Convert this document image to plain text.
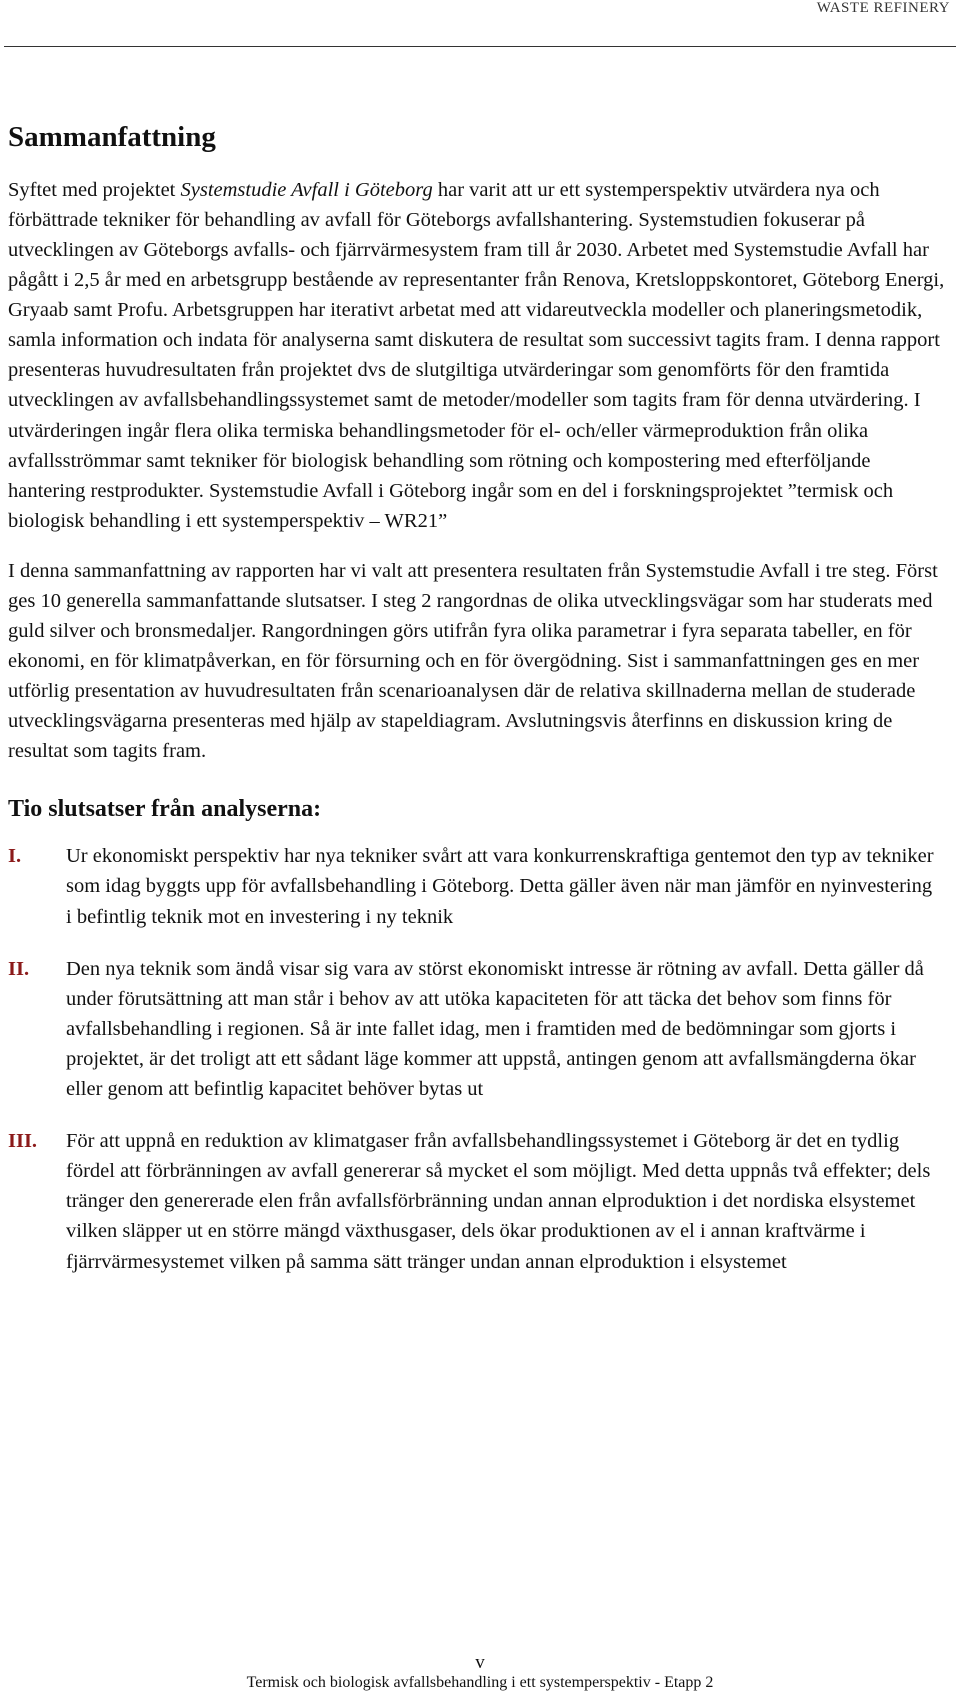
WASTE REFINERY
Sammanfattning

Syftet med projektet Systemstudie Avfall i Göteborg har varit att ur ett systemperspektiv utvärdera nya och förbättrade tekniker för behandling av avfall för Göteborgs avfallshantering. Systemstudien fokuserar på utvecklingen av Göteborgs avfalls- och fjärrvärmesystem fram till år 2030. Arbetet med Systemstudie Avfall har pågått i 2,5 år med en arbetsgrupp bestående av representanter från Renova, Kretsloppskontoret, Göteborg Energi, Gryaab samt Profu. Arbetsgruppen har iterativt arbetat med att vidareutveckla modeller och planeringsmetodik, samla information och indata för analyserna samt diskutera de resultat som successivt tagits fram. I denna rapport presenteras huvudresultaten från projektet dvs de slutgiltiga utvärderingar som genomförts för den framtida utvecklingen av avfallsbehandlingssystemet samt de metoder/modeller som tagits fram för denna utvärdering. I utvärderingen ingår flera olika termiska behandlingsmetoder för el- och/eller värmeproduktion från olika avfallsströmmar samt tekniker för biologisk behandling som rötning och kompostering med efterföljande hantering restprodukter. Systemstudie Avfall i Göteborg ingår som en del i forskningsprojektet ”termisk och biologisk behandling i ett systemperspektiv – WR21”

I denna sammanfattning av rapporten har vi valt att presentera resultaten från Systemstudie Avfall i tre steg. Först ges 10 generella sammanfattande slutsatser. I steg 2 rangordnas de olika utvecklingsvägar som har studerats med guld silver och bronsmedaljer. Rangordningen görs utifrån fyra olika parametrar i fyra separata tabeller, en för ekonomi, en för klimatpåverkan, en för försurning och en för övergödning. Sist i sammanfattningen ges en mer utförlig presentation av huvudresultaten från scenarioanalysen där de relativa skillnaderna mellan de studerade utvecklingsvägarna presenteras med hjälp av stapeldiagram. Avslutningsvis återfinns en diskussion kring de resultat som tagits fram.

Tio slutsatser från analyserna:
I.	Ur ekonomiskt perspektiv har nya tekniker svårt att vara konkurrenskraftiga gentemot den typ av tekniker som idag byggts upp för avfallsbehandling i Göteborg. Detta gäller även när man jämför en nyinvestering i befintlig teknik mot en investering i ny teknik
II.	Den nya teknik som ändå visar sig vara av störst ekonomiskt intresse är rötning av avfall. Detta gäller då under förutsättning att man står i behov av att utöka kapaciteten för att täcka det behov som finns för avfallsbehandling i regionen. Så är inte fallet idag, men i framtiden med de bedömningar som gjorts i projektet, är det troligt att ett sådant läge kommer att uppstå, antingen genom att avfallsmängderna ökar eller genom att befintlig kapacitet behöver bytas ut
III.	För att uppnå en reduktion av klimatgaser från avfallsbehandlingssystemet i Göteborg är det en tydlig fördel att förbränningen av avfall genererar så mycket el som möjligt. Med detta uppnås två effekter; dels tränger den genererade elen från avfallsförbränning undan annan elproduktion i det nordiska elsystemet vilken släpper ut en större mängd växthusgaser, dels ökar produktionen av el i annan kraftvärme i fjärrvärmesystemet vilken på samma sätt tränger undan annan elproduktion i elsystemet
v
Termisk och biologisk avfallsbehandling i ett systemperspektiv - Etapp 2
